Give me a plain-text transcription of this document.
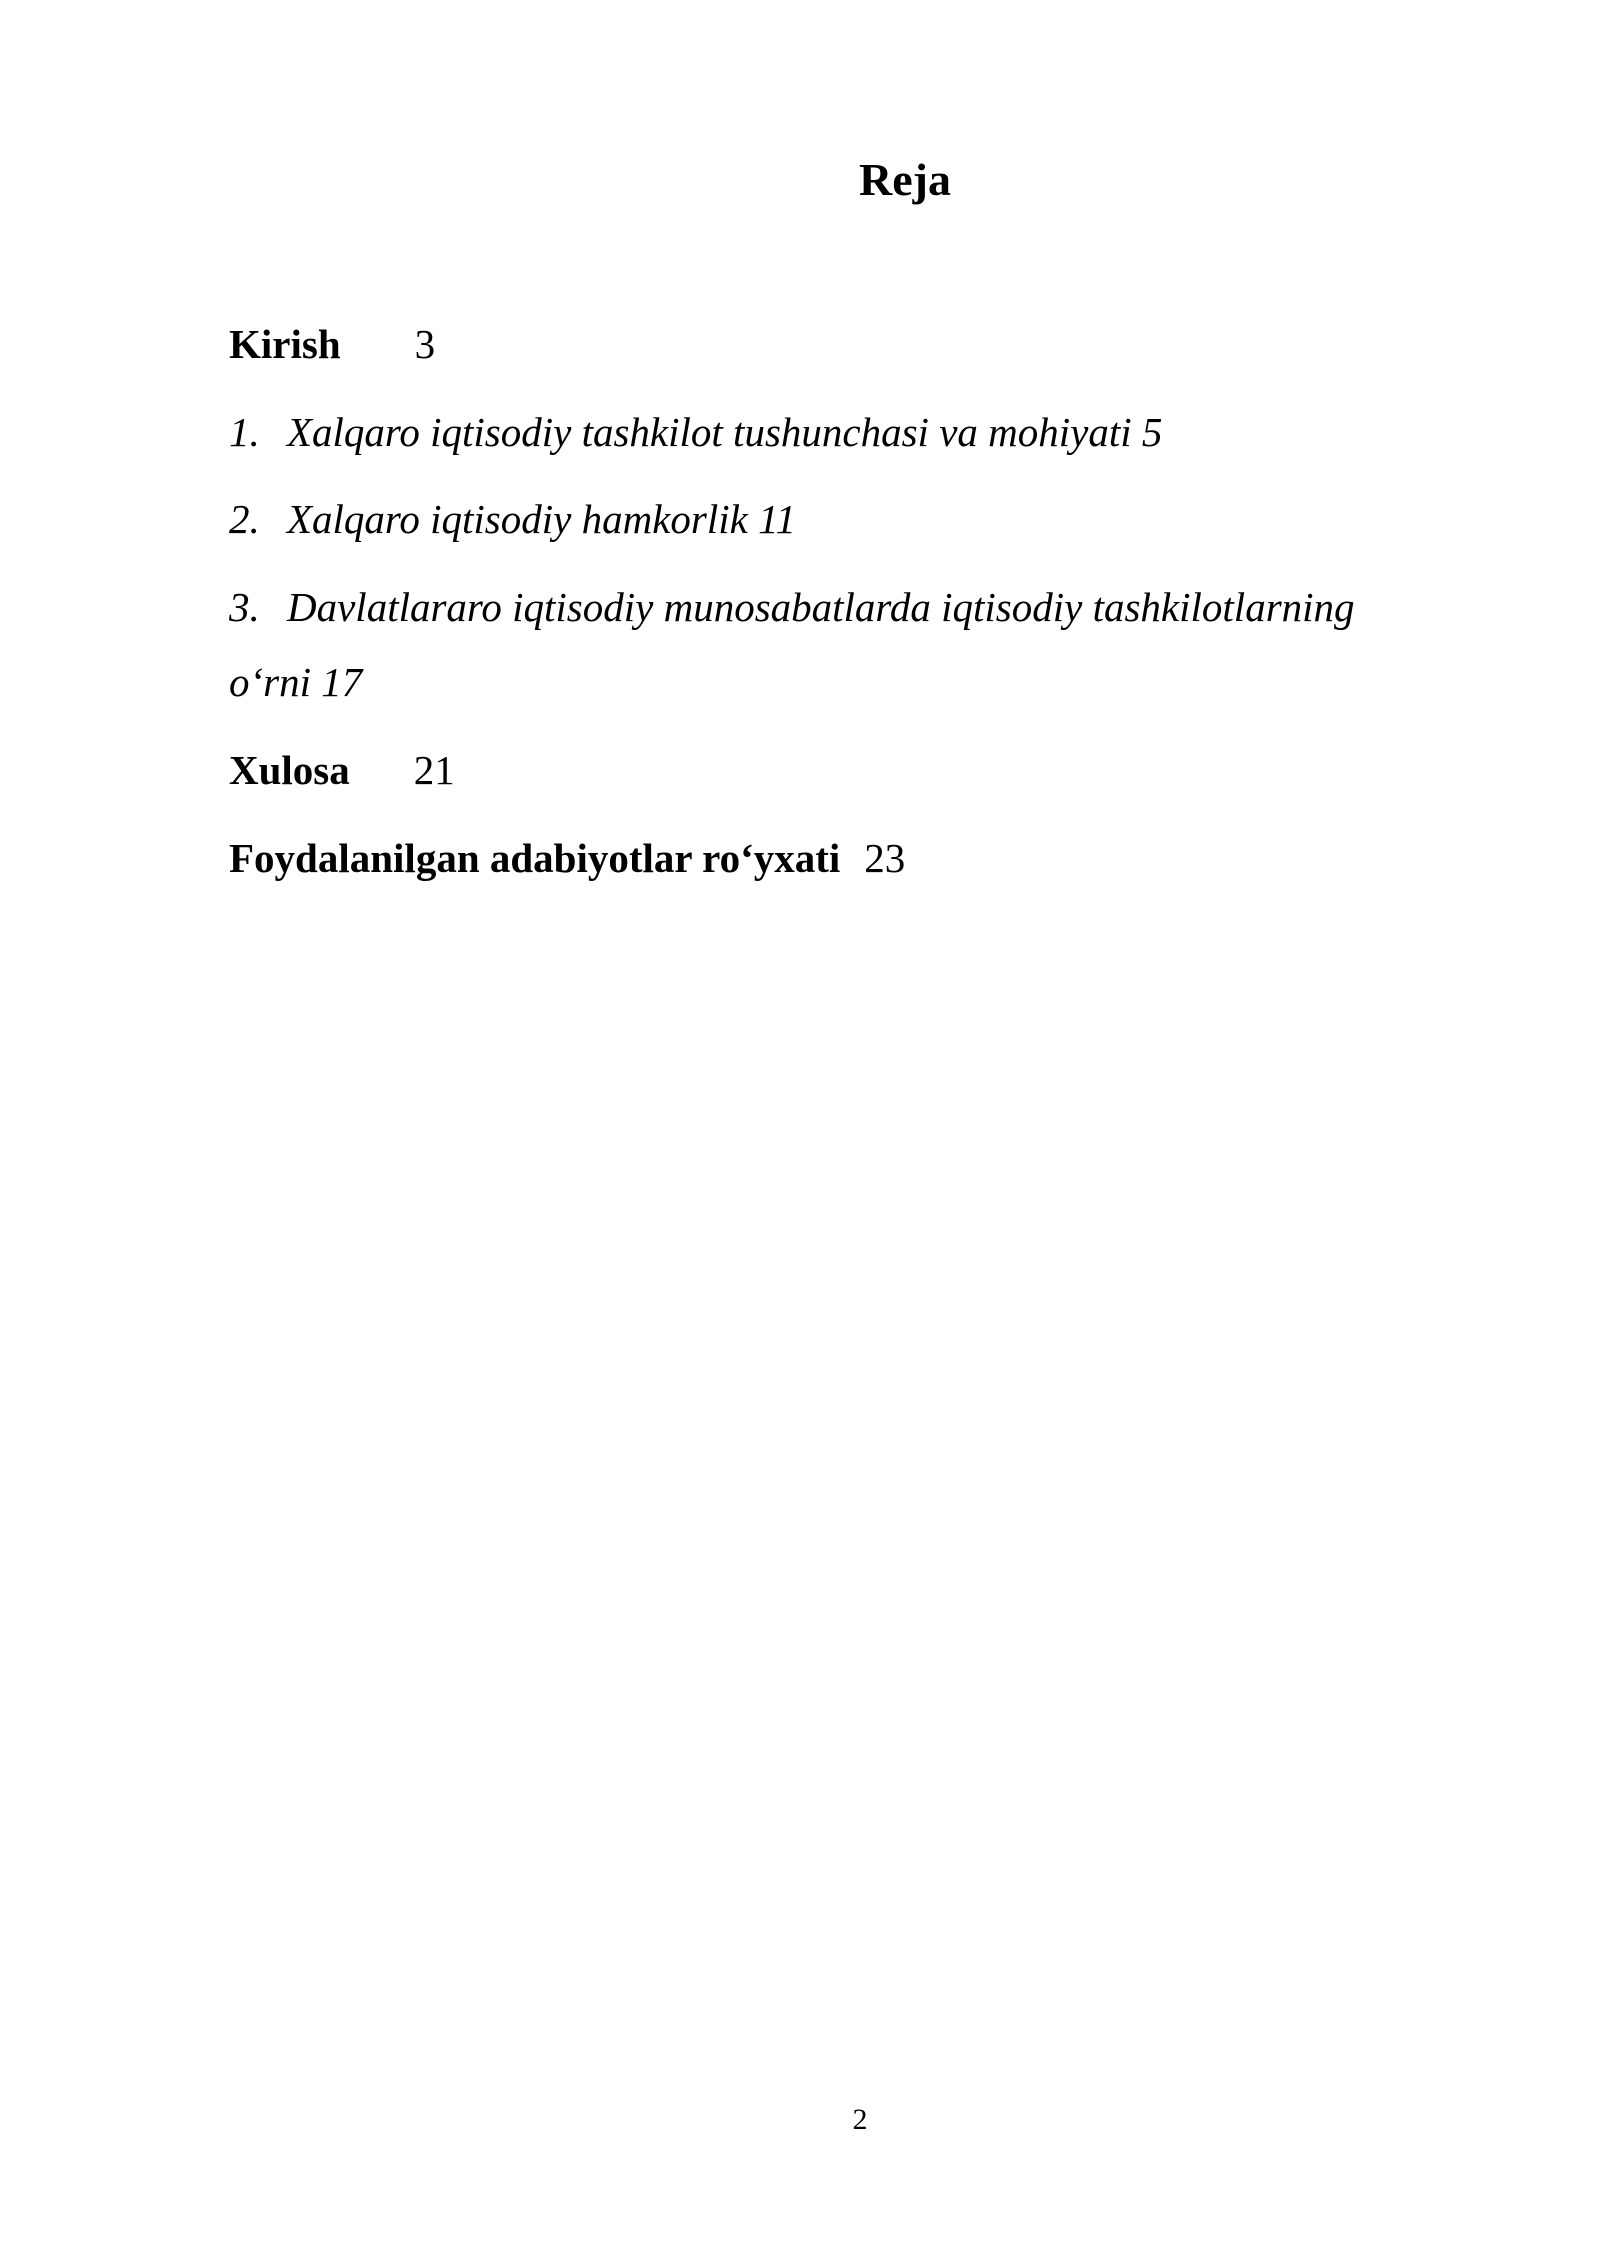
Reja

Kirish 3

1. Xalqaro iqtisodiy tashkilot tushunchasi va mohiyati 5

2. Xalqaro iqtisodiy hamkorlik 11

3. Davlatlararo iqtisodiy munosabatlarda iqtisodiy tashkilotlarning

o‘rni 17

Xulosa 21

Foydalanilgan adabiyotlar ro‘yxati 23

2
